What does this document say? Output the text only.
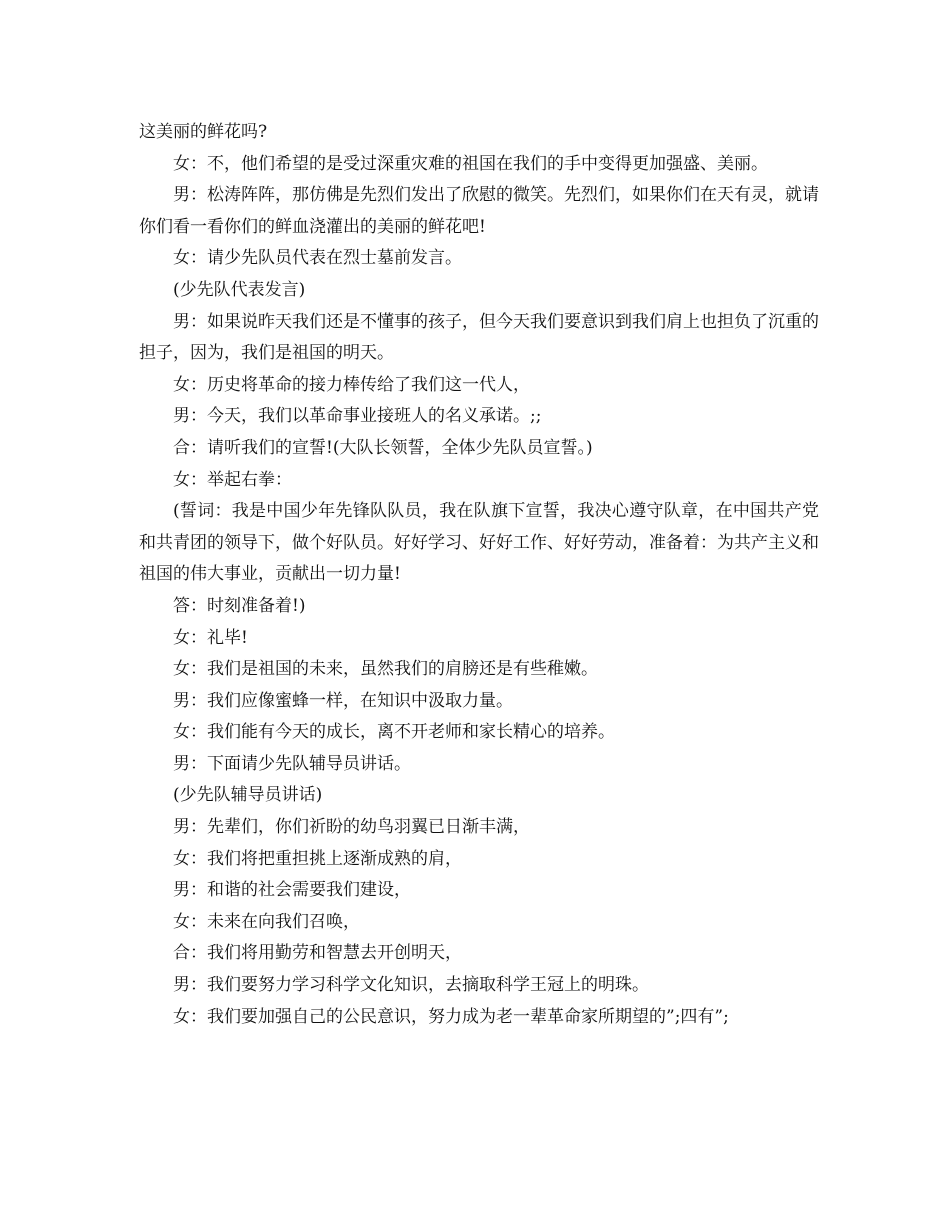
这美丽的鲜花吗?

女：不，他们希望的是受过深重灾难的祖国在我们的手中变得更加强盛、美丽。

男：松涛阵阵，那仿佛是先烈们发出了欣慰的微笑。先烈们，如果你们在天有灵，就请你们看一看你们的鲜血浇灌出的美丽的鲜花吧!

女：请少先队员代表在烈士墓前发言。

(少先队代表发言)

男：如果说昨天我们还是不懂事的孩子，但今天我们要意识到我们肩上也担负了沉重的担子，因为，我们是祖国的明天。

女：历史将革命的接力棒传给了我们这一代人，

男：今天，我们以革命事业接班人的名义承诺。;;

合：请听我们的宣誓!(大队长领誓，全体少先队员宣誓。)

女：举起右拳：

(誓词：我是中国少年先锋队队员，我在队旗下宣誓，我决心遵守队章，在中国共产党和共青团的领导下，做个好队员。好好学习、好好工作、好好劳动，准备着：为共产主义和祖国的伟大事业，贡献出一切力量!

答：时刻准备着!)

女：礼毕!

女：我们是祖国的未来，虽然我们的肩膀还是有些稚嫩。

男：我们应像蜜蜂一样，在知识中汲取力量。

女：我们能有今天的成长，离不开老师和家长精心的培养。

男：下面请少先队辅导员讲话。

(少先队辅导员讲话)

男：先辈们，你们祈盼的幼鸟羽翼已日渐丰满，

女：我们将把重担挑上逐渐成熟的肩，

男：和谐的社会需要我们建设，

女：未来在向我们召唤，

合：我们将用勤劳和智慧去开创明天，

男：我们要努力学习科学文化知识，去摘取科学王冠上的明珠。

女：我们要加强自己的公民意识，努力成为老一辈革命家所期望的”;四有”;
